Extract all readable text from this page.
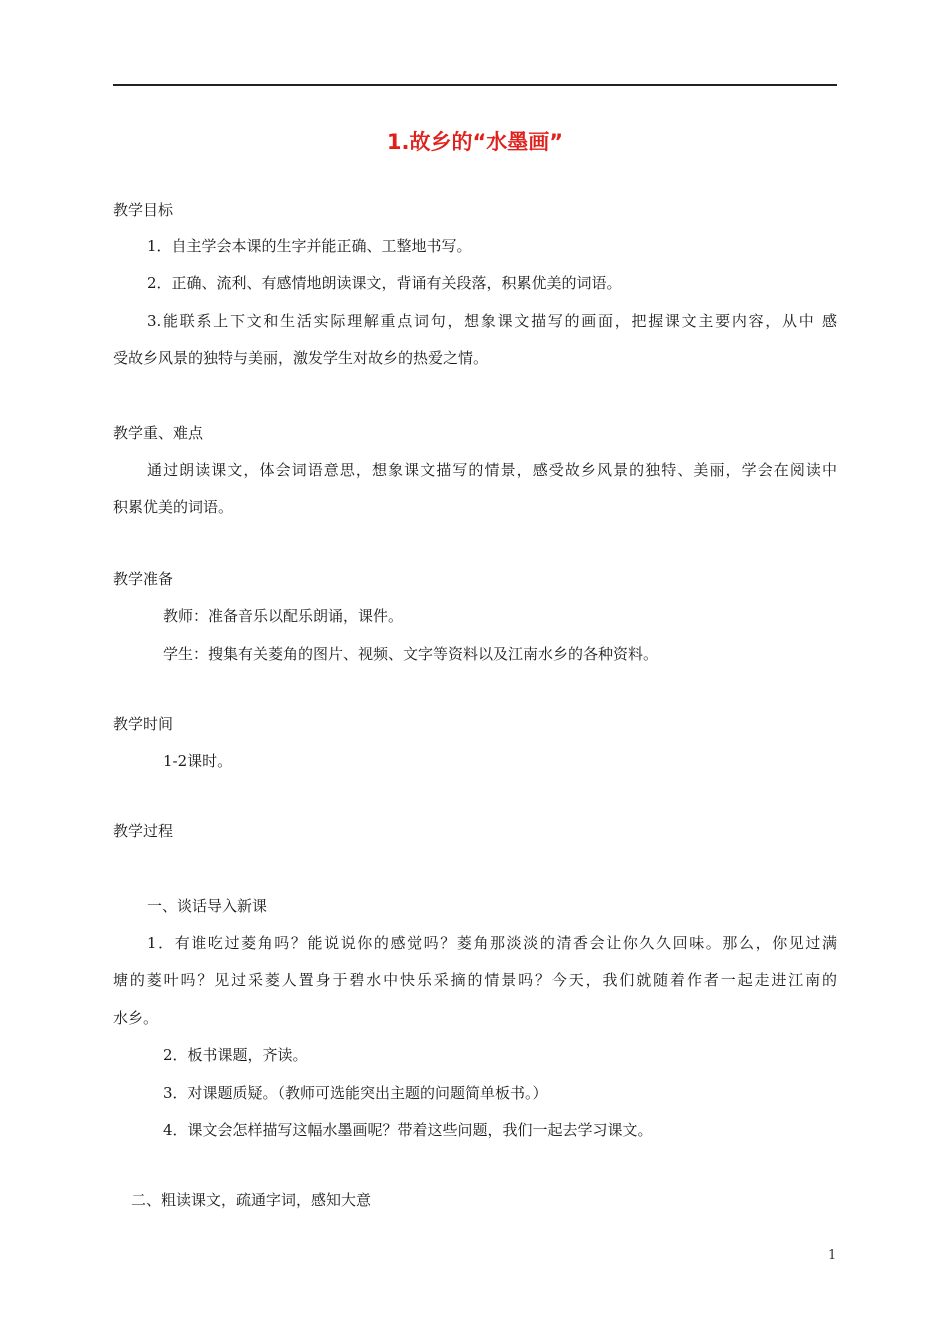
1.故乡的“水墨画”
教学目标
1．自主学会本课的生字并能正确、工整地书写。
2．正确、流利、有感情地朗读课文，背诵有关段落，积累优美的词语。
3.能联系上下文和生活实际理解重点词句，想象课文描写的画面，把握课文主要内容，从中 感
受故乡风景的独特与美丽，激发学生对故乡的热爱之情。
教学重、难点
通过朗读课文，体会词语意思，想象课文描写的情景，感受故乡风景的独特、美丽，学会在阅读中
积累优美的词语。
教学准备
教师：准备音乐以配乐朗诵，课件。
学生：搜集有关菱角的图片、视频、文字等资料以及江南水乡的各种资料。
教学时间
1-2课时。
教学过程
一、谈话导入新课
1．有谁吃过菱角吗？能说说你的感觉吗？菱角那淡淡的清香会让你久久回味。那么，你见过满
塘的菱叶吗？见过采菱人置身于碧水中快乐采摘的情景吗？今天，我们就随着作者一起走进江南的
水乡。
2．板书课题，齐读。
3．对课题质疑。（教师可选能突出主题的问题简单板书。）
4．课文会怎样描写这幅水墨画呢？带着这些问题，我们一起去学习课文。
二、粗读课文，疏通字词，感知大意
1
